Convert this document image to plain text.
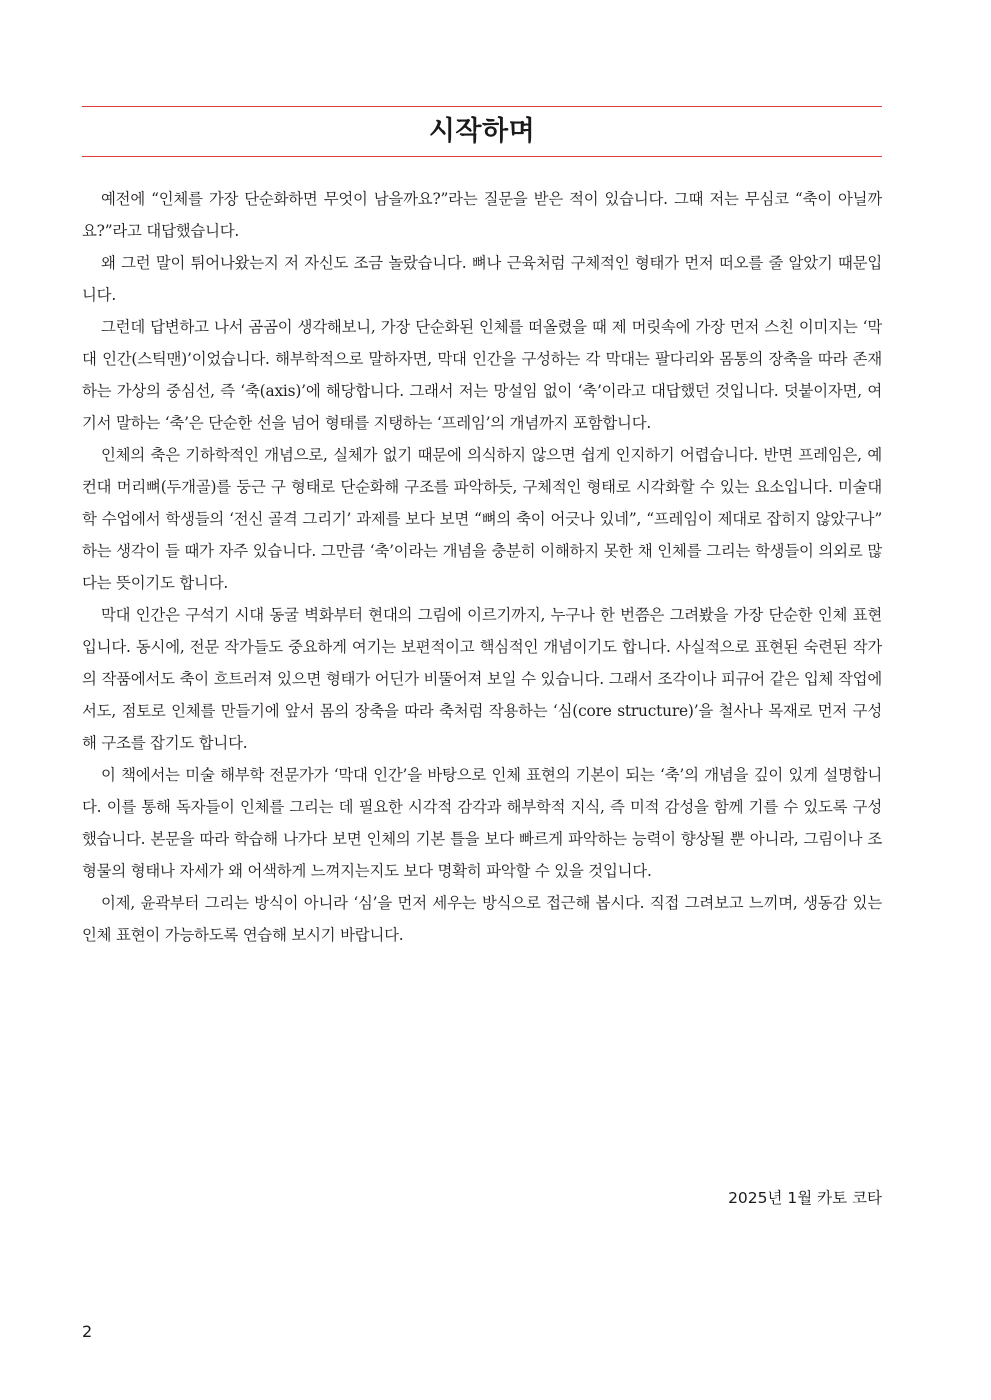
시작하며

예전에 “인체를 가장 단순화하면 무엇이 남을까요?”라는 질문을 받은 적이 있습니다. 그때 저는 무심코 “축이 아닐까요?”라고 대답했습니다.

왜 그런 말이 튀어나왔는지 저 자신도 조금 놀랐습니다. 뼈나 근육처럼 구체적인 형태가 먼저 떠오를 줄 알았기 때문입니다.

그런데 답변하고 나서 곰곰이 생각해보니, 가장 단순화된 인체를 떠올렸을 때 제 머릿속에 가장 먼저 스친 이미지는 ‘막대 인간(스틱맨)’이었습니다. 해부학적으로 말하자면, 막대 인간을 구성하는 각 막대는 팔다리와 몸통의 장축을 따라 존재하는 가상의 중심선, 즉 ‘축(axis)’에 해당합니다. 그래서 저는 망설임 없이 ‘축’이라고 대답했던 것입니다. 덧붙이자면, 여기서 말하는 ‘축’은 단순한 선을 넘어 형태를 지탱하는 ‘프레임’의 개념까지 포함합니다.

인체의 축은 기하학적인 개념으로, 실체가 없기 때문에 의식하지 않으면 쉽게 인지하기 어렵습니다. 반면 프레임은, 예컨대 머리뼈(두개골)를 둥근 구 형태로 단순화해 구조를 파악하듯, 구체적인 형태로 시각화할 수 있는 요소입니다. 미술대학 수업에서 학생들의 ‘전신 골격 그리기’ 과제를 보다 보면 “뼈의 축이 어긋나 있네”, “프레임이 제대로 잡히지 않았구나” 하는 생각이 들 때가 자주 있습니다. 그만큼 ‘축’이라는 개념을 충분히 이해하지 못한 채 인체를 그리는 학생들이 의외로 많다는 뜻이기도 합니다.

막대 인간은 구석기 시대 동굴 벽화부터 현대의 그림에 이르기까지, 누구나 한 번쯤은 그려봤을 가장 단순한 인체 표현입니다. 동시에, 전문 작가들도 중요하게 여기는 보편적이고 핵심적인 개념이기도 합니다. 사실적으로 표현된 숙련된 작가의 작품에서도 축이 흐트러져 있으면 형태가 어딘가 비뚤어져 보일 수 있습니다. 그래서 조각이나 피규어 같은 입체 작업에서도, 점토로 인체를 만들기에 앞서 몸의 장축을 따라 축처럼 작용하는 ‘심(core structure)’을 철사나 목재로 먼저 구성해 구조를 잡기도 합니다.

이 책에서는 미술 해부학 전문가가 ‘막대 인간’을 바탕으로 인체 표현의 기본이 되는 ‘축’의 개념을 깊이 있게 설명합니다. 이를 통해 독자들이 인체를 그리는 데 필요한 시각적 감각과 해부학적 지식, 즉 미적 감성을 함께 기를 수 있도록 구성했습니다. 본문을 따라 학습해 나가다 보면 인체의 기본 틀을 보다 빠르게 파악하는 능력이 향상될 뿐 아니라, 그림이나 조형물의 형태나 자세가 왜 어색하게 느껴지는지도 보다 명확히 파악할 수 있을 것입니다.

이제, 윤곽부터 그리는 방식이 아니라 ‘심’을 먼저 세우는 방식으로 접근해 봅시다. 직접 그려보고 느끼며, 생동감 있는 인체 표현이 가능하도록 연습해 보시기 바랍니다.

2025년 1월 카토 코타
2
